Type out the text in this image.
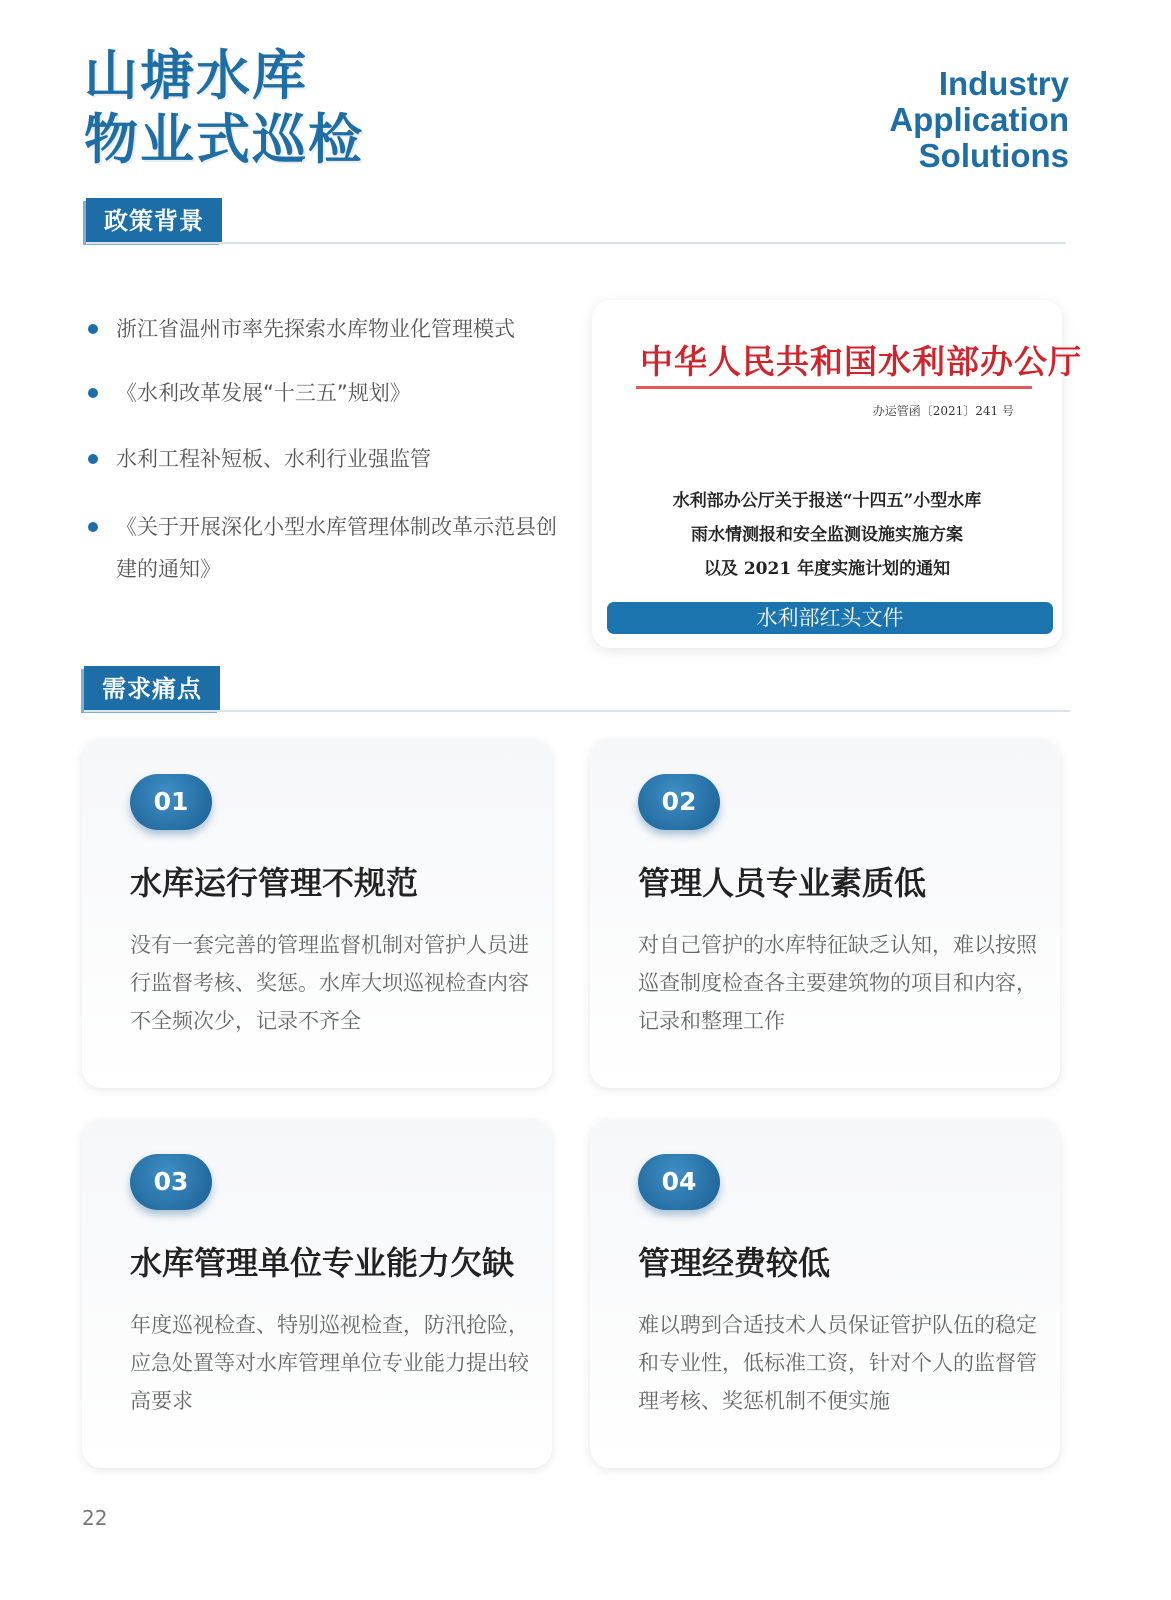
山塘水库
物业式巡检
Industry
Application
Solutions
政策背景
浙江省温州市率先探索水库物业化管理模式
《水利改革发展“十三五”规划》
水利工程补短板、水利行业强监管
《关于开展深化小型水库管理体制改革示范县创建的通知》
中华人民共和国水利部办公厅
办运管函〔2021〕241 号
水利部办公厅关于报送“十四五”小型水库
雨水情测报和安全监测设施实施方案
以及 2021 年度实施计划的通知
水利部红头文件
需求痛点
01
水库运行管理不规范

没有一套完善的管理监督机制对管护人员进行监督考核、奖惩。水库大坝巡视检查内容不全频次少，记录不齐全

02
管理人员专业素质低

对自己管护的水库特征缺乏认知，难以按照巡查制度检查各主要建筑物的项目和内容，记录和整理工作

03
水库管理单位专业能力欠缺

年度巡视检查、特别巡视检查，防汛抢险，应急处置等对水库管理单位专业能力提出较高要求

04
管理经费较低

难以聘到合适技术人员保证管护队伍的稳定和专业性，低标准工资，针对个人的监督管理考核、奖惩机制不便实施

22
